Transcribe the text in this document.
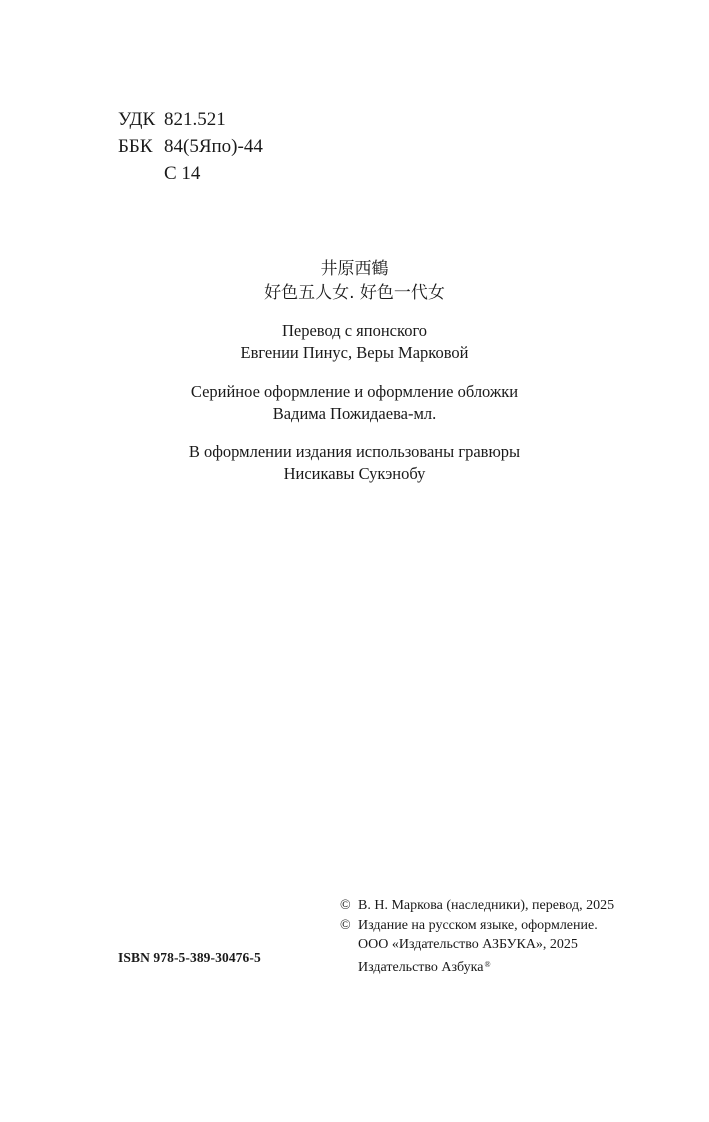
УДК 821.521
ББК 84(5Япо)-44
С 14
井原西鶴
好色五人女. 好色一代女
Перевод с японского
Евгении Пинус, Веры Марковой
Серийное оформление и оформление обложки
Вадима Пожидаева-мл.
В оформлении издания использованы гравюры
Нисикавы Сукэнобу
© В. Н. Маркова (наследники), перевод, 2025
© Издание на русском языке, оформление.
ООО «Издательство АЗБУКА», 2025
Издательство Азбука®
ISBN 978-5-389-30476-5
